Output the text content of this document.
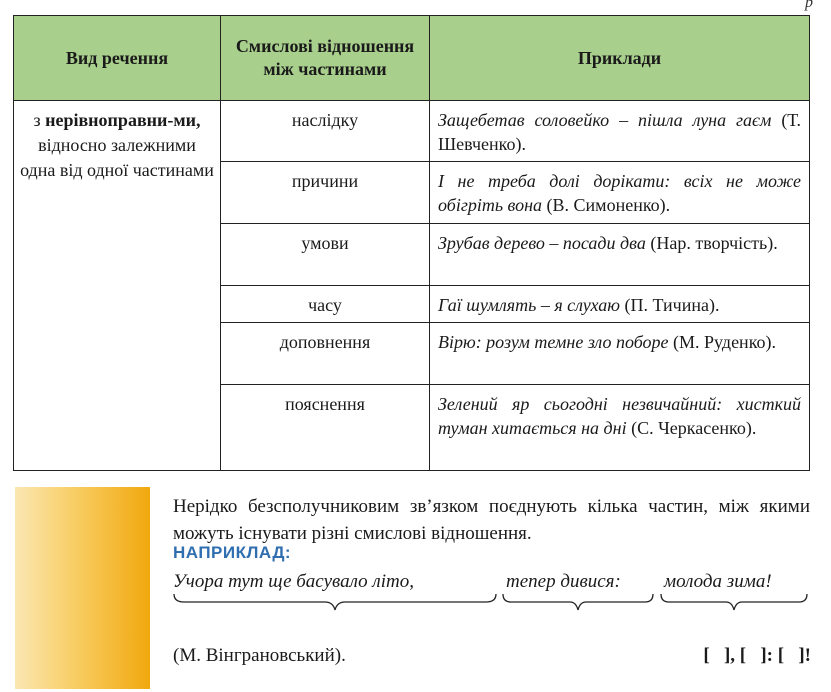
р
Вид речення	Смислові відношення між частинами	Приклади
з нерівноправни-ми, відносно залежними одна від одної частинами	наслідку	Защебетав соловейко – пішла луна гаєм (Т. Шевченко).
	причини	І не треба долі дорікати: всіх не може обігріть вона (В. Симоненко).
	умови	Зрубав дерево – посади два (Нар. творчість).
	часу	Гаї шумлять – я слухаю (П. Тичина).
	доповнення	Вірю: розум темне зло поборе (М. Руденко).
	пояснення	Зелений яр сьогодні незвичайний: хисткий туман хитається на дні (С. Черкасенко).
Нерідко безсполучниковим зв’язком поєднують кілька частин, між якими можуть існувати різні смислові відношення.
НАПРИКЛАД:
Учора тут ще басувало літо,	тепер дивися: молода зима!
(М. Вінграновський).	[   ], [   ]: [   ]!
